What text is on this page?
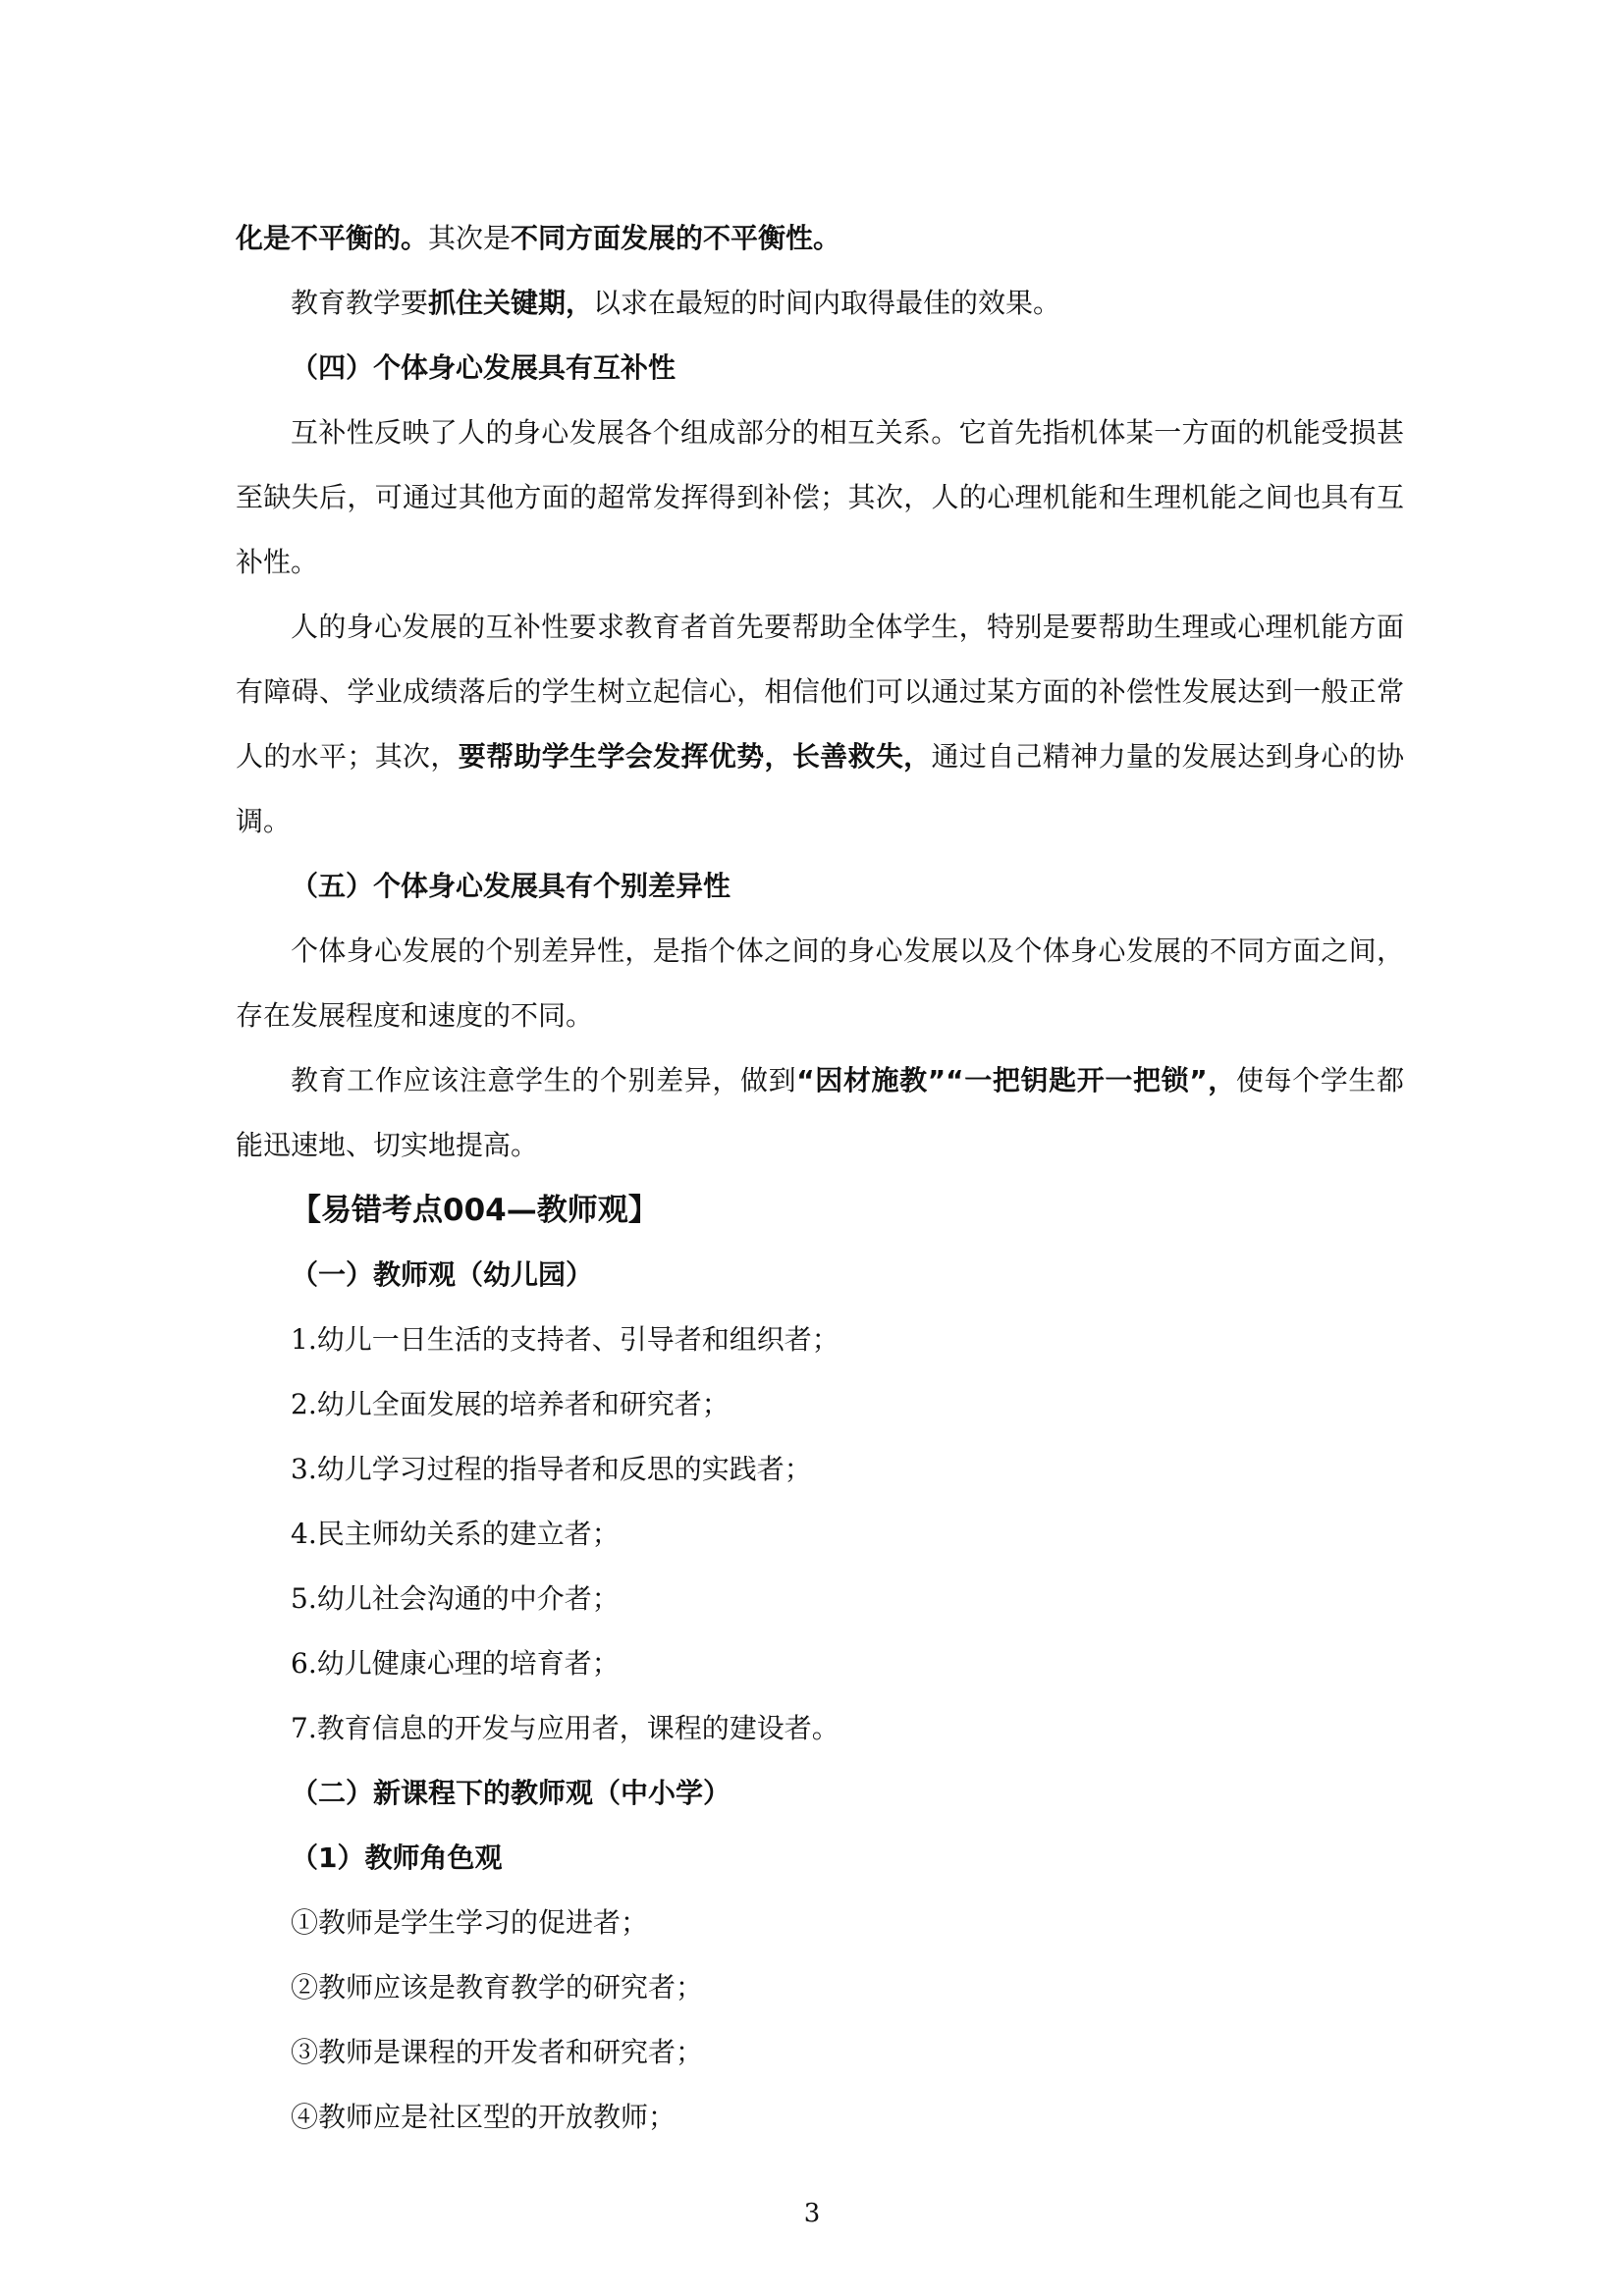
化是不平衡的。其次是不同方面发展的不平衡性。

教育教学要抓住关键期，以求在最短的时间内取得最佳的效果。

（四）个体身心发展具有互补性

互补性反映了人的身心发展各个组成部分的相互关系。它首先指机体某一方面的机能受损甚至缺失后，可通过其他方面的超常发挥得到补偿；其次，人的心理机能和生理机能之间也具有互补性。

人的身心发展的互补性要求教育者首先要帮助全体学生，特别是要帮助生理或心理机能方面有障碍、学业成绩落后的学生树立起信心，相信他们可以通过某方面的补偿性发展达到一般正常人的水平；其次，要帮助学生学会发挥优势，长善救失，通过自己精神力量的发展达到身心的协调。

（五）个体身心发展具有个别差异性

个体身心发展的个别差异性，是指个体之间的身心发展以及个体身心发展的不同方面之间，存在发展程度和速度的不同。

教育工作应该注意学生的个别差异，做到“因材施教”“一把钥匙开一把锁”，使每个学生都能迅速地、切实地提高。

【易错考点004—教师观】

（一）教师观（幼儿园）

1.幼儿一日生活的支持者、引导者和组织者；

2.幼儿全面发展的培养者和研究者；

3.幼儿学习过程的指导者和反思的实践者；

4.民主师幼关系的建立者；

5.幼儿社会沟通的中介者；

6.幼儿健康心理的培育者；

7.教育信息的开发与应用者，课程的建设者。

（二）新课程下的教师观（中小学）

（1）教师角色观

①教师是学生学习的促进者；

②教师应该是教育教学的研究者；

③教师是课程的开发者和研究者；

④教师应是社区型的开放教师；

3
